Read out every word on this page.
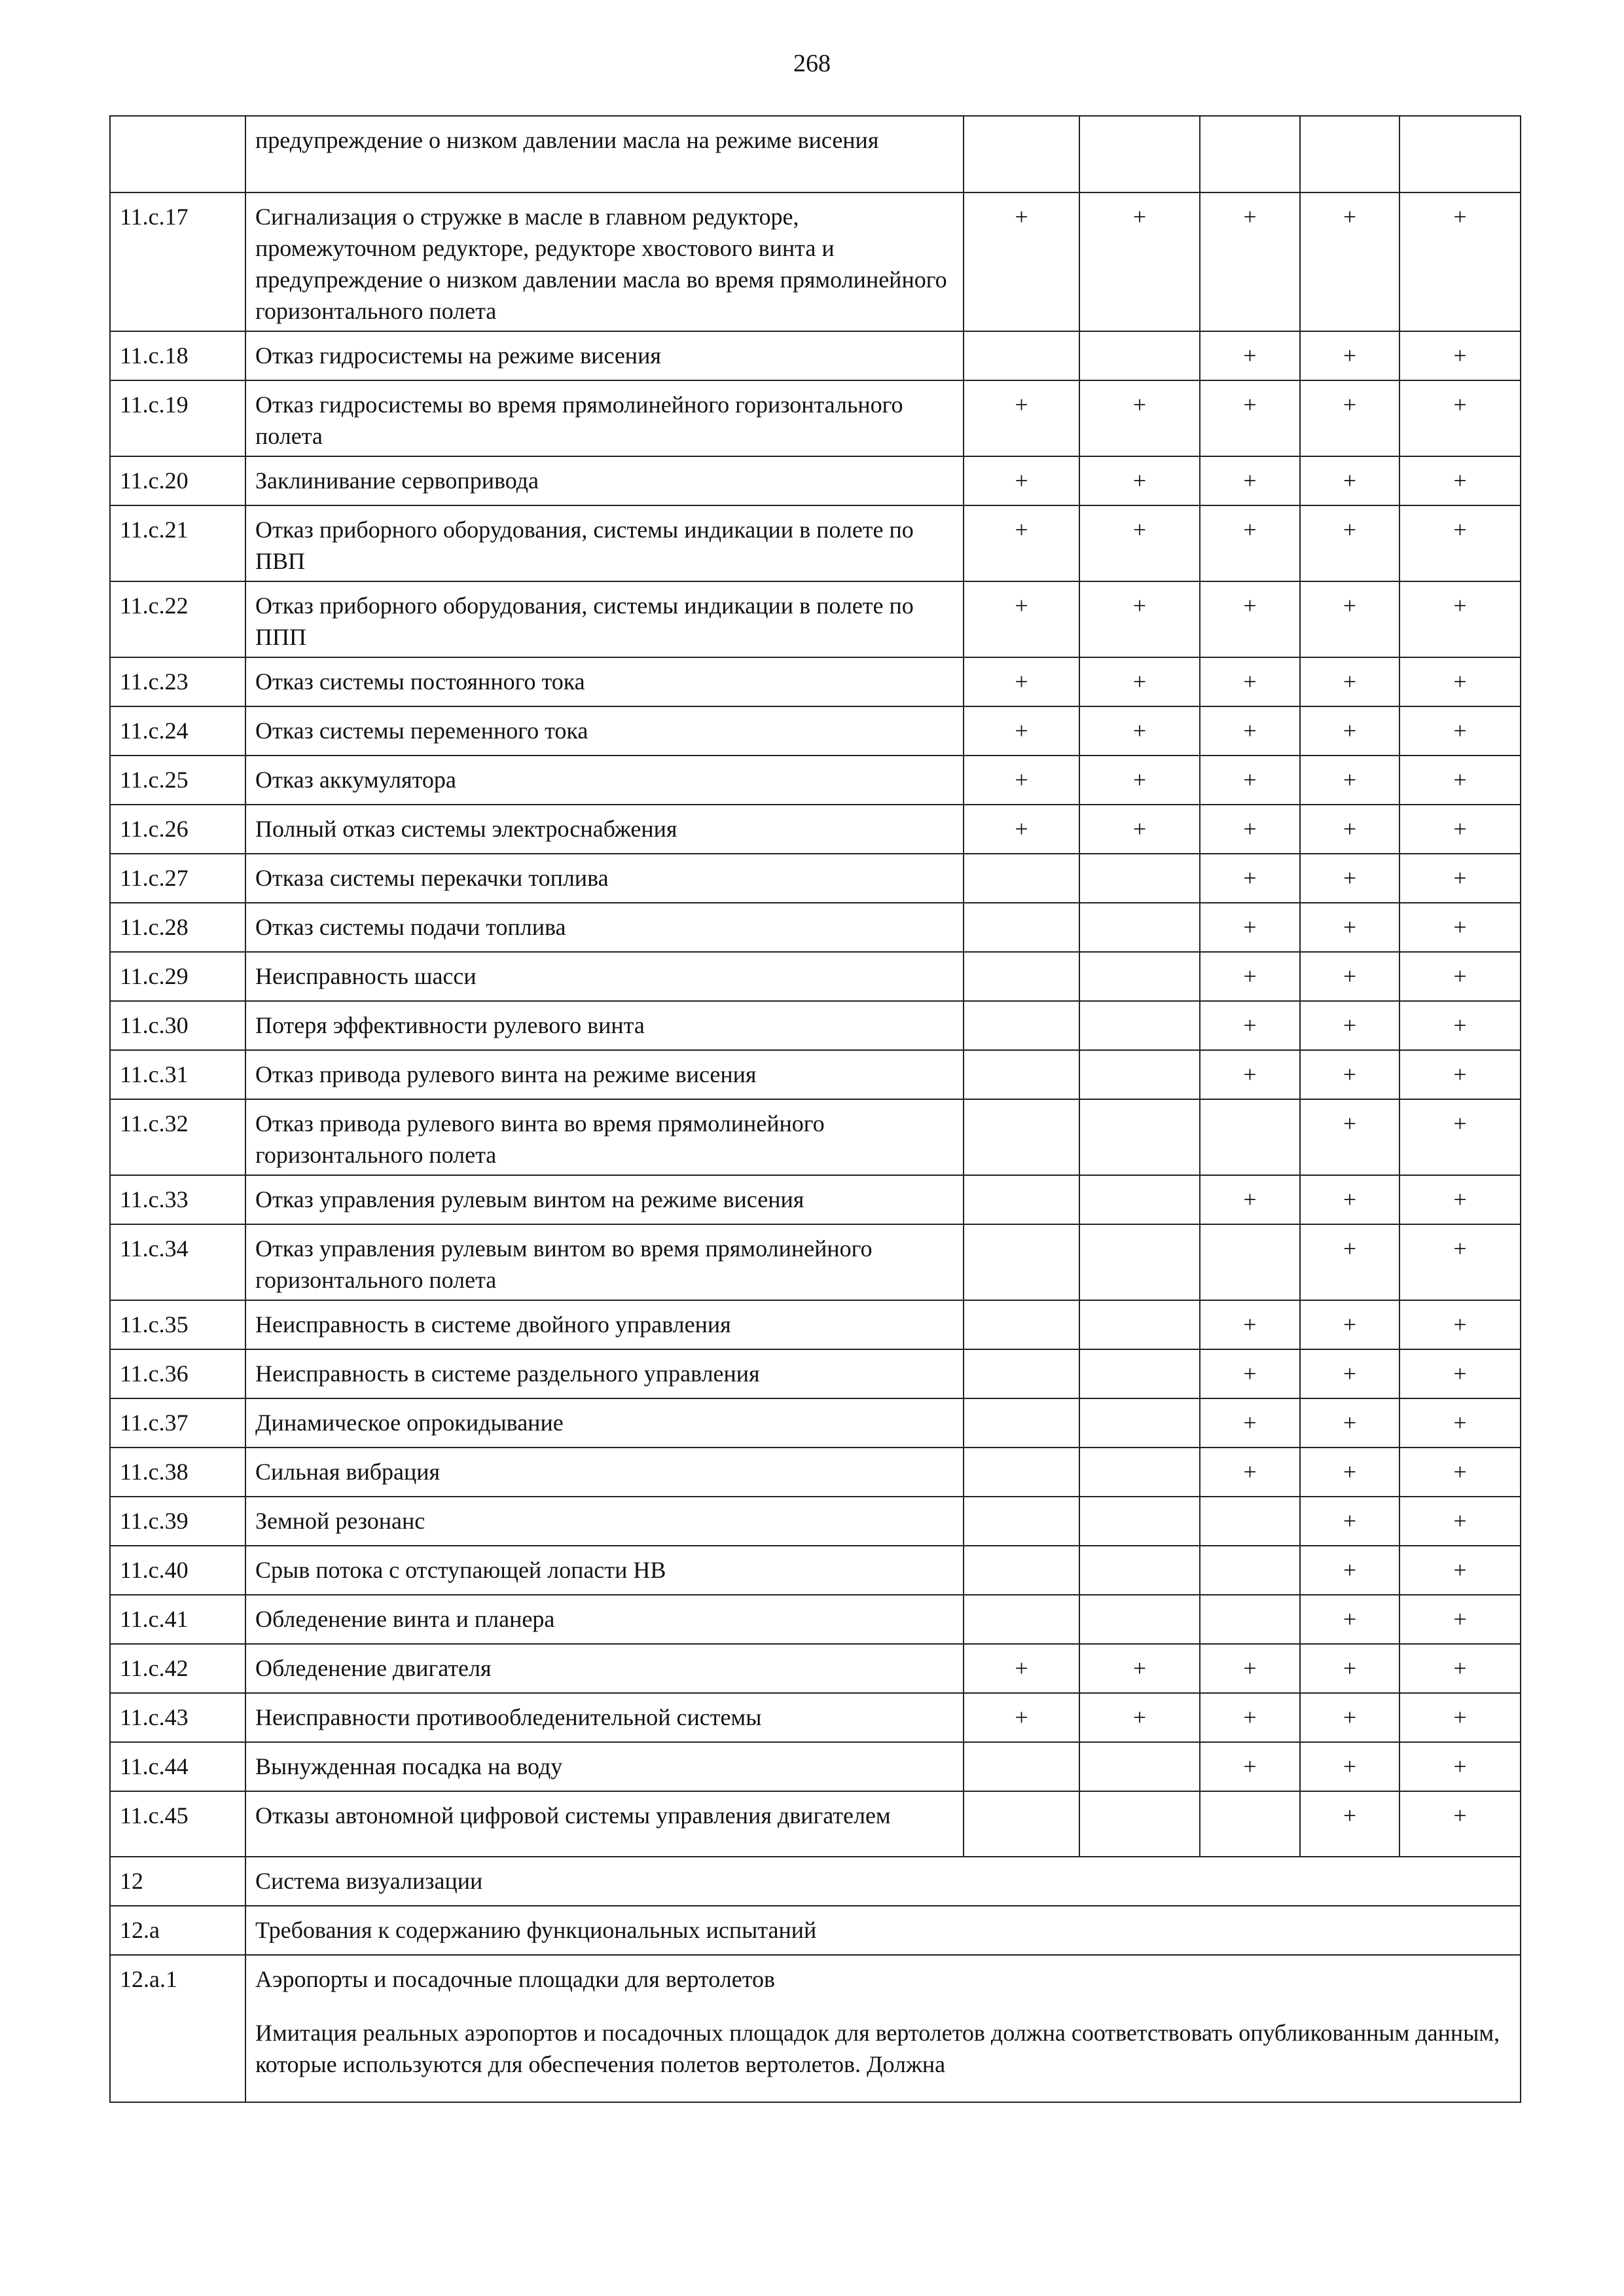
268
	предупреждение о низком давлении масла на режиме висения					
11.c.17	Сигнализация о стружке в масле в главном редукторе, промежуточном редукторе, редукторе хвостового винта и предупреждение о низком давлении масла во время прямолинейного горизонтального полета	+	+	+	+	+
11.c.18	Отказ гидросистемы на режиме висения			+	+	+
11.c.19	Отказ гидросистемы во время прямолинейного горизонтального полета	+	+	+	+	+
11.c.20	Заклинивание сервопривода	+	+	+	+	+
11.c.21	Отказ приборного оборудования, системы индикации в полете по ПВП	+	+	+	+	+
11.c.22	Отказ приборного оборудования, системы индикации в полете по ППП	+	+	+	+	+
11.c.23	Отказ системы постоянного тока	+	+	+	+	+
11.c.24	Отказ системы переменного тока	+	+	+	+	+
11.c.25	Отказ аккумулятора	+	+	+	+	+
11.c.26	Полный отказ системы электроснабжения	+	+	+	+	+
11.c.27	Отказа системы перекачки топлива			+	+	+
11.c.28	Отказ системы подачи топлива			+	+	+
11.c.29	Неисправность шасси			+	+	+
11.c.30	Потеря эффективности рулевого винта			+	+	+
11.c.31	Отказ привода рулевого винта на режиме висения			+	+	+
11.c.32	Отказ привода рулевого винта во время прямолинейного горизонтального полета				+	+
11.c.33	Отказ управления рулевым винтом на режиме висения			+	+	+
11.c.34	Отказ управления рулевым винтом во время прямолинейного горизонтального полета				+	+
11.c.35	Неисправность в системе двойного управления			+	+	+
11.c.36	Неисправность в системе раздельного управления			+	+	+
11.c.37	Динамическое опрокидывание			+	+	+
11.c.38	Сильная вибрация			+	+	+
11.c.39	Земной резонанс				+	+
11.c.40	Срыв потока с отступающей лопасти НВ				+	+
11.c.41	Обледенение винта и планера				+	+
11.c.42	Обледенение двигателя	+	+	+	+	+
11.c.43	Неисправности противообледенительной системы	+	+	+	+	+
11.c.44	Вынужденная посадка на воду			+	+	+
11.c.45	Отказы автономной цифровой системы управления двигателем				+	+
12	Система визуализации					
12.a	Требования к содержанию функциональных испытаний					
12.a.1	Аэропорты и посадочные площадки для вертолетов
Имитация реальных аэропортов и посадочных площадок для вертолетов должна соответствовать опубликованным данным, которые используются для обеспечения полетов вертолетов. Должна					
